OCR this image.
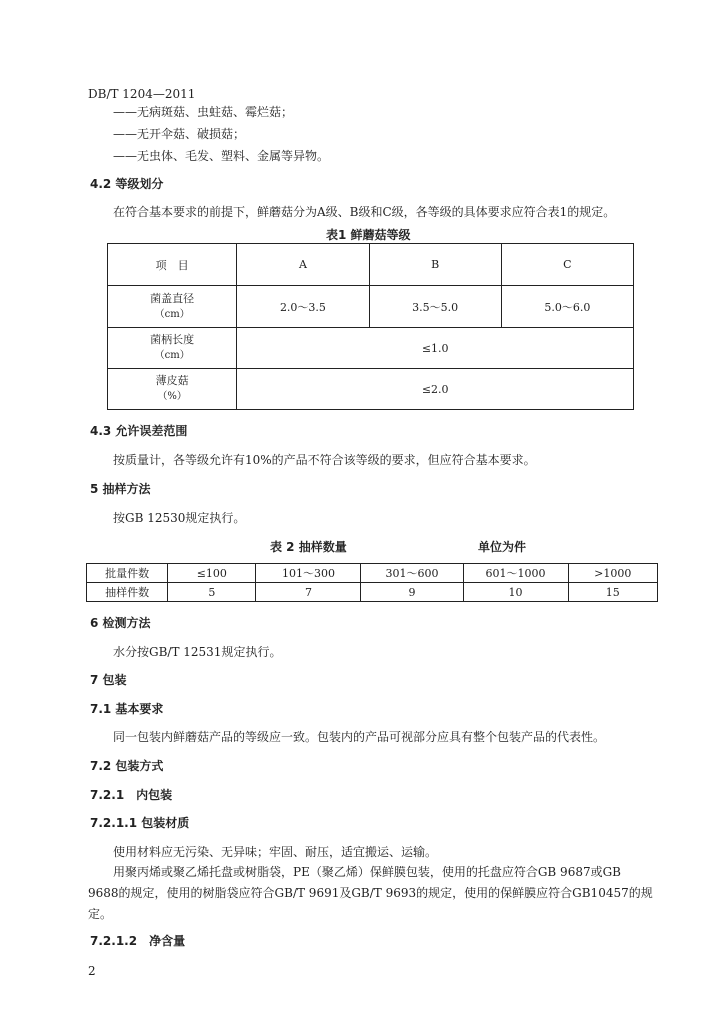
DB/T 1204—2011
——无病斑菇、虫蛀菇、霉烂菇；
——无开伞菇、破损菇；
——无虫体、毛发、塑料、金属等异物。
4.2 等级划分
在符合基本要求的前提下，鲜蘑菇分为A级、B级和C级，各等级的具体要求应符合表1的规定。
表1 鲜蘑菇等级
项　目	A	B	C

菌盖直径
（cm）	2.0～3.5	3.5～5.0	5.0～6.0

菌柄长度
（cm）	≤1.0		

薄皮菇
（%）	≤2.0		
4.3 允许误差范围
按质量计，各等级允许有10%的产品不符合该等级的要求，但应符合基本要求。
5 抽样方法
按GB 12530规定执行。
表 2 抽样数量	单位为件
批量件数	≤100	101～300	301～600	601～1000	>1000
抽样件数	5	7	9	10	15
6 检测方法
水分按GB/T 12531规定执行。
7 包装
7.1 基本要求
同一包装内鲜蘑菇产品的等级应一致。包装内的产品可视部分应具有整个包装产品的代表性。
7.2 包装方式
7.2.1　内包装
7.2.1.1 包装材质
使用材料应无污染、无异味；牢固、耐压，适宜搬运、运输。
用聚丙烯或聚乙烯托盘或树脂袋，PE（聚乙烯）保鲜膜包装，使用的托盘应符合GB 9687或GB
9688的规定，使用的树脂袋应符合GB/T 9691及GB/T 9693的规定，使用的保鲜膜应符合GB10457的规
定。
7.2.1.2　净含量
2
